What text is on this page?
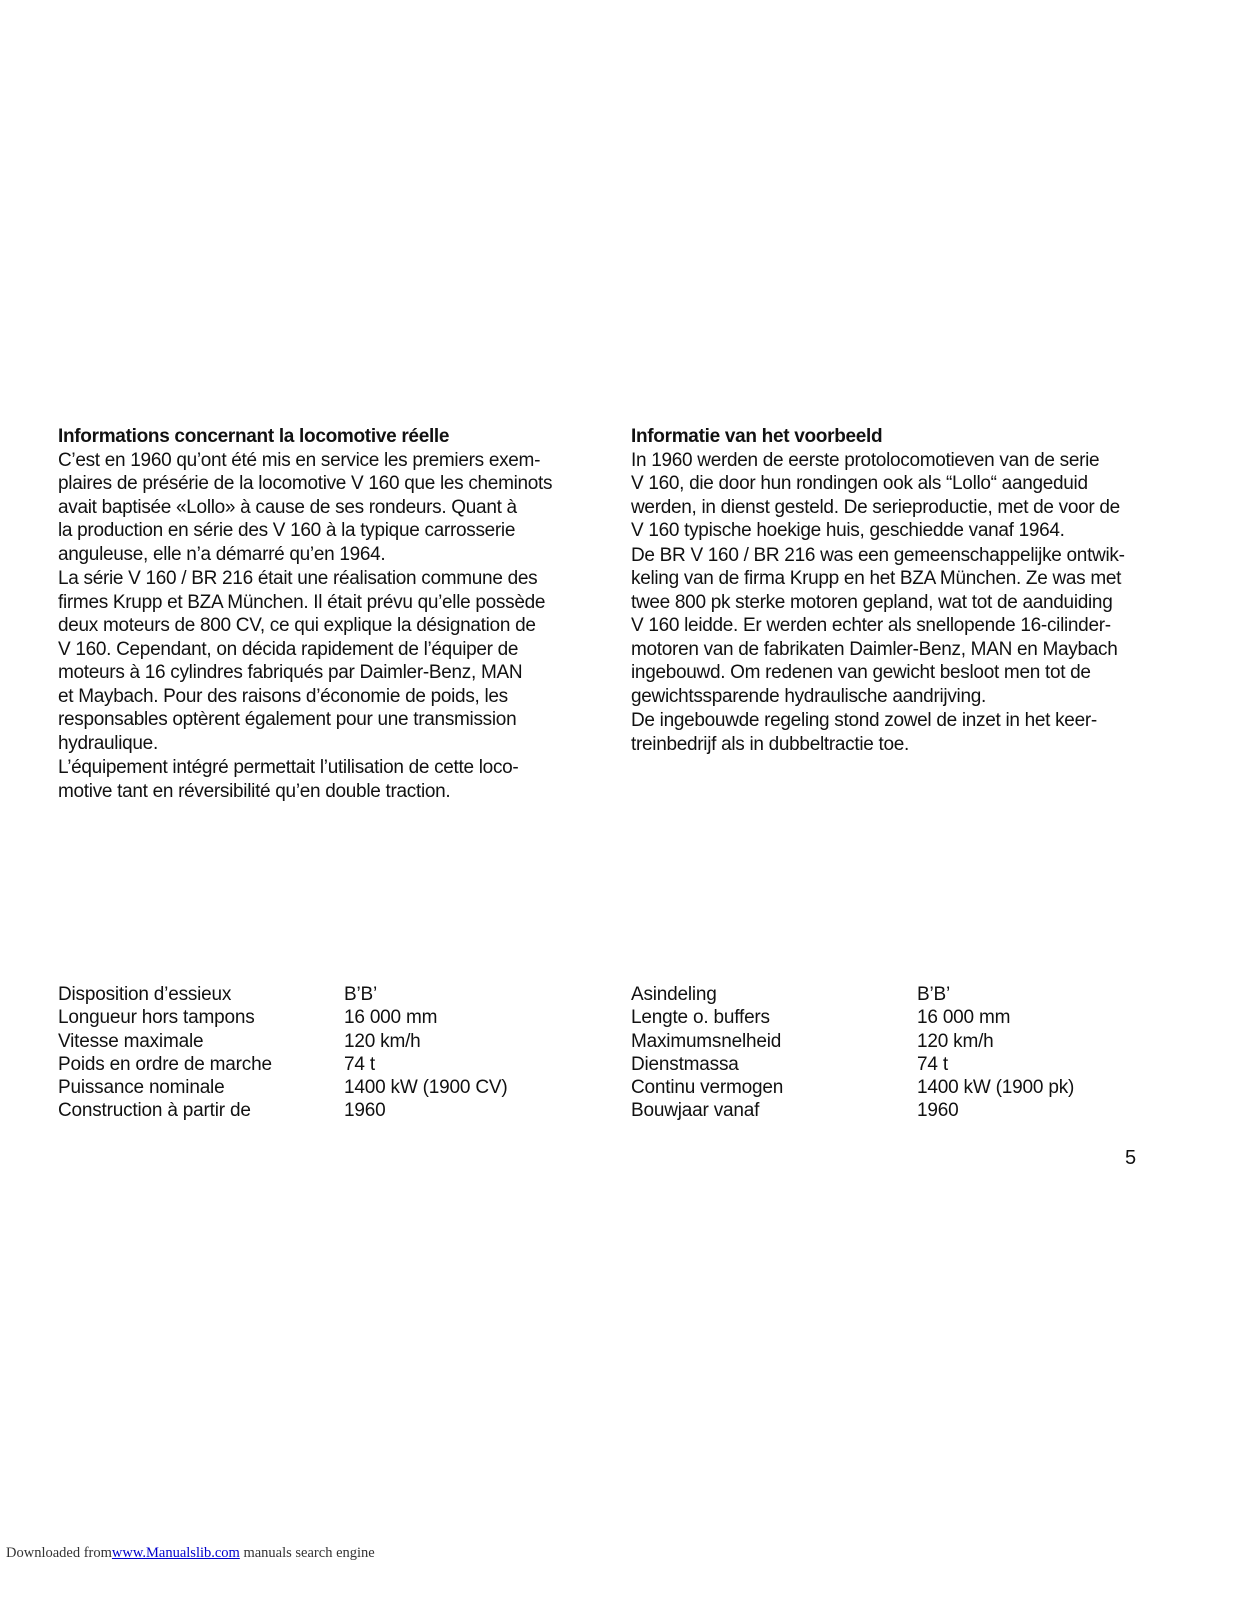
Informations concernant la locomotive réelle
C’est en 1960 qu’ont été mis en service les premiers exem-
plaires de présérie de la locomotive V 160 que les cheminots
avait baptisée «Lollo» à cause de ses rondeurs. Quant à
la production en série des V 160 à la typique carrosserie
anguleuse, elle n’a démarré qu’en 1964.
La série V 160 / BR 216 était une réalisation commune des
firmes Krupp et BZA München. Il était prévu qu’elle possède
deux moteurs de 800 CV, ce qui explique la désignation de
V 160. Cependant, on décida rapidement de l’équiper de
moteurs à 16 cylindres fabriqués par Daimler-Benz, MAN
et Maybach. Pour des raisons d’économie de poids, les
responsables optèrent également pour une transmission
hydraulique.
L’équipement intégré permettait l’utilisation de cette loco-
motive tant en réversibilité qu’en double traction.
Informatie van het voorbeeld
In 1960 werden de eerste protolocomotieven van de serie
V 160, die door hun rondingen ook als “Lollo“ aangeduid
werden, in dienst gesteld. De serieproductie, met de voor de
V 160 typische hoekige huis, geschiedde vanaf 1964.
De BR V 160 / BR 216 was een gemeenschappelijke ontwik-
keling van de firma Krupp en het BZA München. Ze was met
twee 800 pk sterke motoren gepland, wat tot de aanduiding
V 160 leidde. Er werden echter als snellopende 16-cilinder-
motoren van de fabrikaten Daimler-Benz, MAN en Maybach
ingebouwd. Om redenen van gewicht besloot men tot de
gewichtssparende hydraulische aandrijving.
De ingebouwde regeling stond zowel de inzet in het keer-
treinbedrijf als in dubbeltractie toe.
Disposition d’essieux	B’B’
Longueur hors tampons	16 000 mm
Vitesse maximale	120 km/h
Poids en ordre de marche	74 t
Puissance nominale	1400 kW (1900 CV)
Construction à partir de	1960
Asindeling	B’B’
Lengte o. buffers	16 000 mm
Maximumsnelheid	120 km/h
Dienstmassa	74 t
Continu vermogen	1400 kW (1900 pk)
Bouwjaar vanaf	1960
5
Downloaded fromwww.Manualslib.com manuals search engine
